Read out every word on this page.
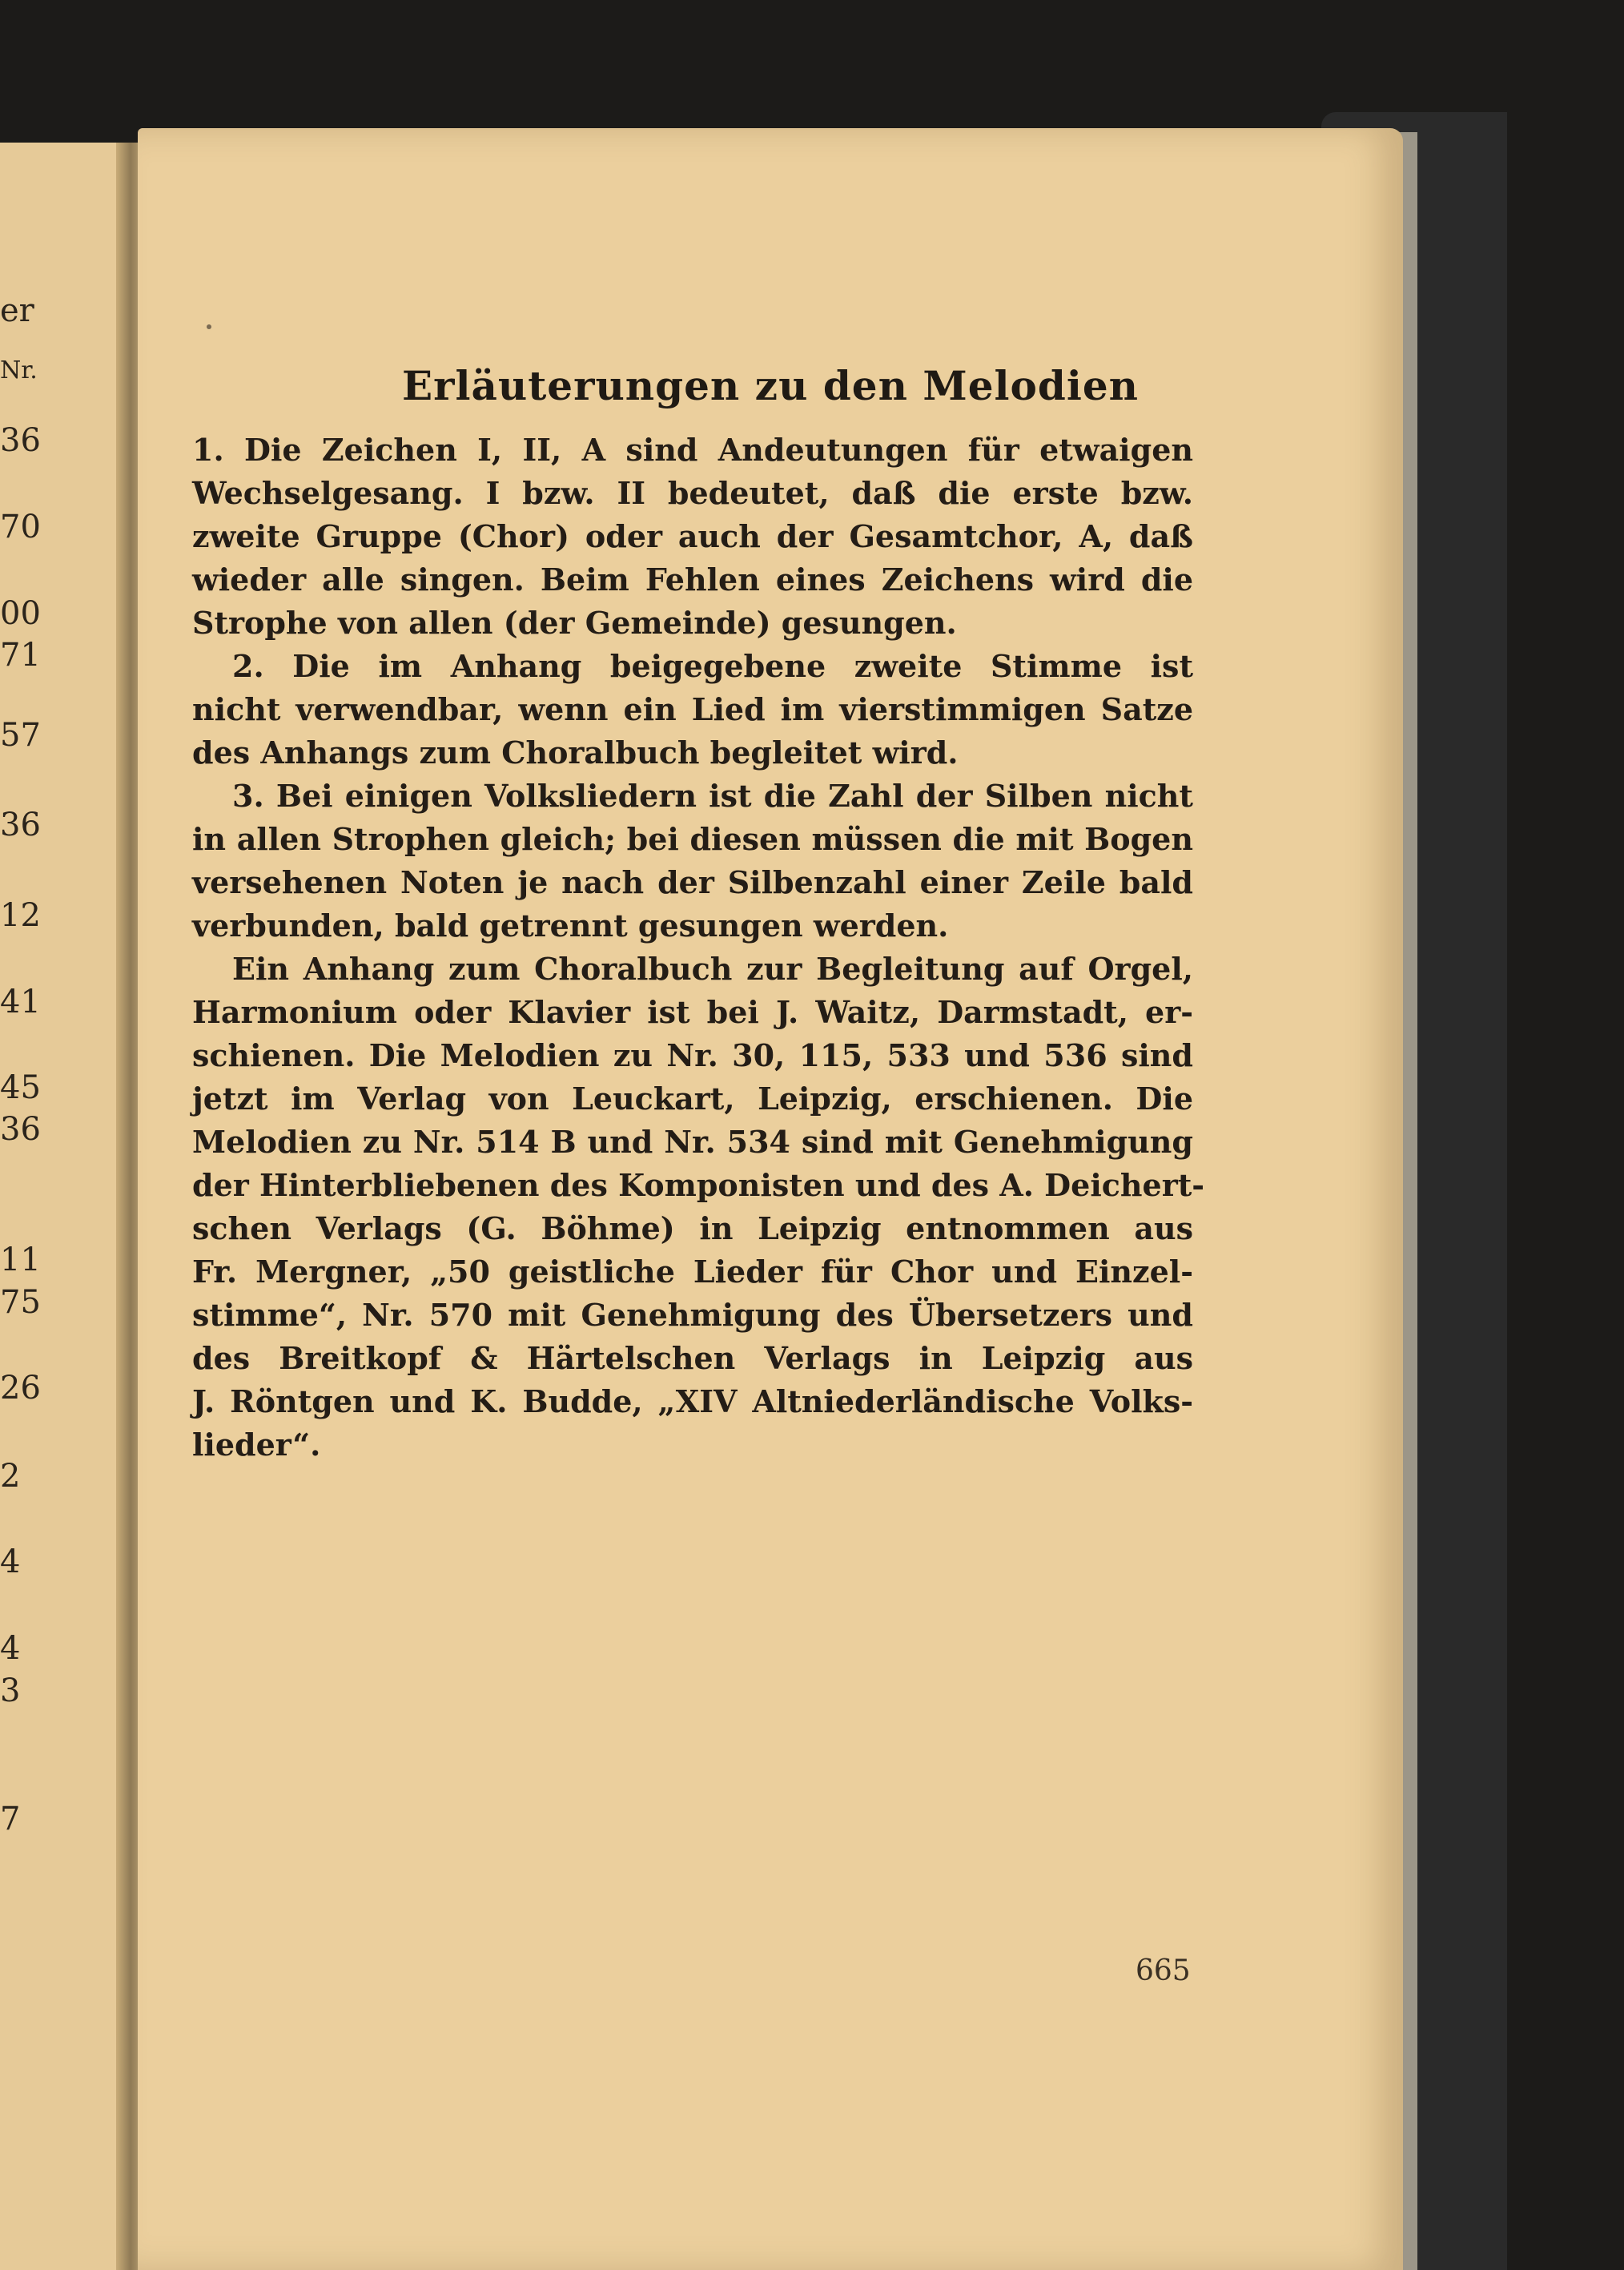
er
Nr.
36
70
00
71
57
36
12
41
45
36
11
75
26
2
4
4
3
7
Erläuterungen zu den Melodien
1. Die Zeichen I, II, A sind Andeutungen für etwaigen
Wechselgesang. I bzw. II bedeutet, daß die erste bzw.
zweite Gruppe (Chor) oder auch der Gesamtchor, A, daß
wieder alle singen. Beim Fehlen eines Zeichens wird die
Strophe von allen (der Gemeinde) gesungen.
2. Die im Anhang beigegebene zweite Stimme ist
nicht verwendbar, wenn ein Lied im vierstimmigen Satze
des Anhangs zum Choralbuch begleitet wird.
3. Bei einigen Volksliedern ist die Zahl der Silben nicht
in allen Strophen gleich; bei diesen müssen die mit Bogen
versehenen Noten je nach der Silbenzahl einer Zeile bald
verbunden, bald getrennt gesungen werden.
Ein Anhang zum Choralbuch zur Begleitung auf Orgel,
Harmonium oder Klavier ist bei J. Waitz, Darmstadt, er-
schienen. Die Melodien zu Nr. 30, 115, 533 und 536 sind
jetzt im Verlag von Leuckart, Leipzig, erschienen. Die
Melodien zu Nr. 514 B und Nr. 534 sind mit Genehmigung
der Hinterbliebenen des Komponisten und des A. Deichert-
schen Verlags (G. Böhme) in Leipzig entnommen aus
Fr. Mergner, „50 geistliche Lieder für Chor und Einzel-
stimme“, Nr. 570 mit Genehmigung des Übersetzers und
des Breitkopf & Härtelschen Verlags in Leipzig aus
J. Röntgen und K. Budde, „XIV Altniederländische Volks-
lieder“.
665
